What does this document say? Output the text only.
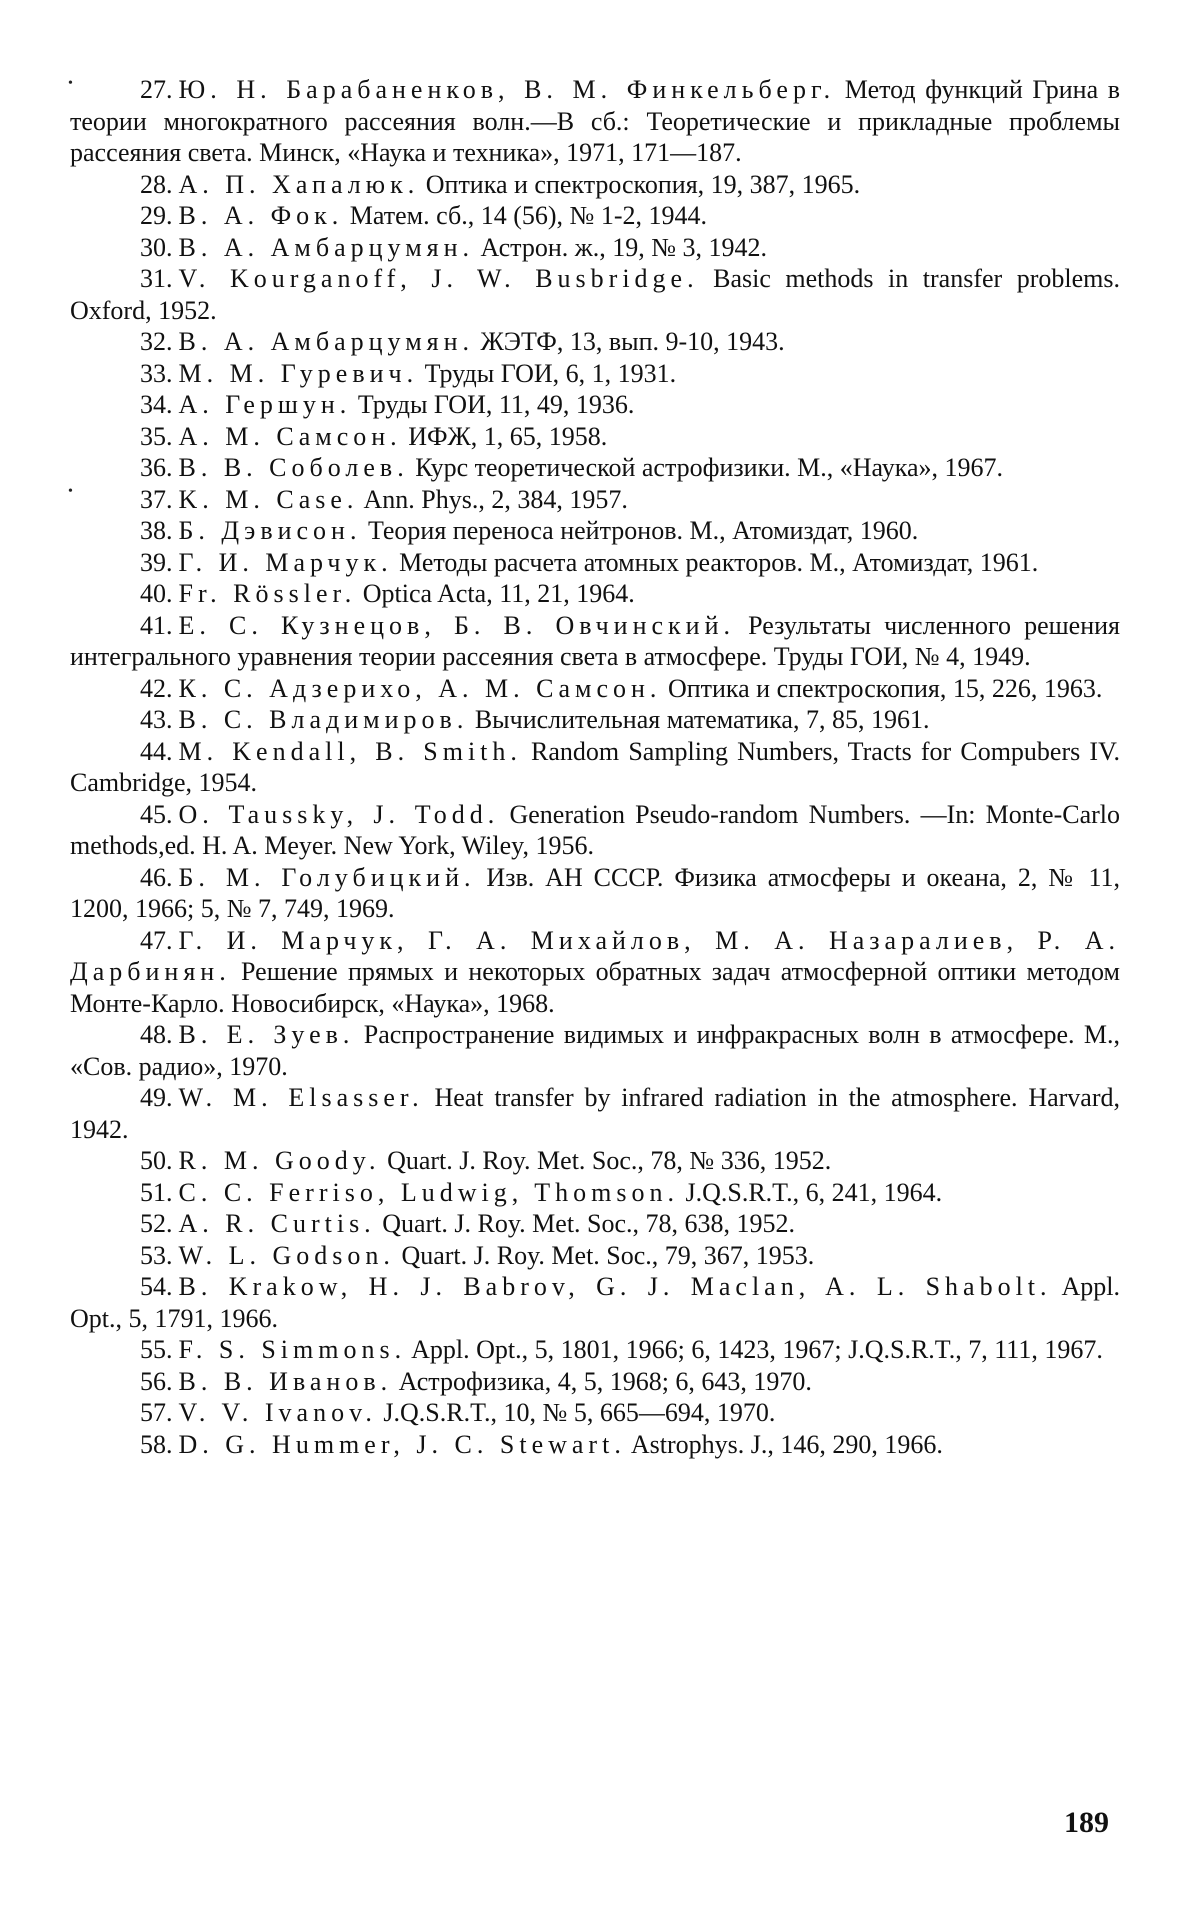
27. Ю. Н. Барабаненков, В. М. Финкельберг. Метод функций Грина в теории многократного рассеяния волн.—В сб.: Теоретические и прикладные проблемы рассеяния света. Минск, «Наука и техника», 1971, 171—187.
28. А. П. Хапалюк. Оптика и спектроскопия, 19, 387, 1965.
29. В. А. Фок. Матем. сб., 14 (56), № 1-2, 1944.
30. В. А. Амбарцумян. Астрон. ж., 19, № 3, 1942.
31. V. Kourganoff, J. W. Busbridge. Basic methods in transfer problems. Oxford, 1952.
32. В. А. Амбарцумян. ЖЭТФ, 13, вып. 9-10, 1943.
33. М. М. Гуревич. Труды ГОИ, 6, 1, 1931.
34. А. Гершун. Труды ГОИ, 11, 49, 1936.
35. А. М. Самсон. ИФЖ, 1, 65, 1958.
36. В. В. Соболев. Курс теоретической астрофизики. М., «Наука», 1967.
37. K. M. Case. Ann. Phys., 2, 384, 1957.
38. Б. Дэвисон. Теория переноса нейтронов. М., Атомиздат, 1960.
39. Г. И. Марчук. Методы расчета атомных реакторов. М., Атомиздат, 1961.
40. Fr. Rössler. Optica Acta, 11, 21, 1964.
41. Е. С. Кузнецов, Б. В. Овчинский. Результаты численного решения интегрального уравнения теории рассеяния света в атмосфере. Труды ГОИ, № 4, 1949.
42. К. С. Адзерихо, А. М. Самсон. Оптика и спектроскопия, 15, 226, 1963.
43. В. С. Владимиров. Вычислительная математика, 7, 85, 1961.
44. M. Kendall, B. Smith. Random Sampling Numbers, Tracts for Compubers IV. Cambridge, 1954.
45. O. Taussky, J. Todd. Generation Pseudo-random Numbers. —In: Monte-Carlo methods,ed. H. A. Meyer. New York, Wiley, 1956.
46. Б. М. Голубицкий. Изв. АН СССР. Физика атмосферы и океана, 2, № 11, 1200, 1966; 5, № 7, 749, 1969.
47. Г. И. Марчук, Г. А. Михайлов, М. А. Назаралиев, Р. А. Дарбинян. Решение прямых и некоторых обратных задач атмосферной оптики методом Монте-Карло. Новосибирск, «Наука», 1968.
48. В. Е. Зуев. Распространение видимых и инфракрасных волн в атмосфере. М., «Сов. радио», 1970.
49. W. M. Elsasser. Heat transfer by infrared radiation in the atmosphere. Harvard, 1942.
50. R. M. Goody. Quart. J. Roy. Met. Soc., 78, № 336, 1952.
51. C. C. Ferriso, Ludwig, Thomson. J.Q.S.R.T., 6, 241, 1964.
52. A. R. Curtis. Quart. J. Roy. Met. Soc., 78, 638, 1952.
53. W. L. Godson. Quart. J. Roy. Met. Soc., 79, 367, 1953.
54. B. Krakow, H. J. Babrov, G. J. Maclan, A. L. Shabolt. Appl. Opt., 5, 1791, 1966.
55. F. S. Simmons. Appl. Opt., 5, 1801, 1966; 6, 1423, 1967; J.Q.S.R.T., 7, 111, 1967.
56. В. В. Иванов. Астрофизика, 4, 5, 1968; 6, 643, 1970.
57. V. V. Ivanov. J.Q.S.R.T., 10, № 5, 665—694, 1970.
58. D. G. Hummer, J. C. Stewart. Astrophys. J., 146, 290, 1966.
•
•
189
